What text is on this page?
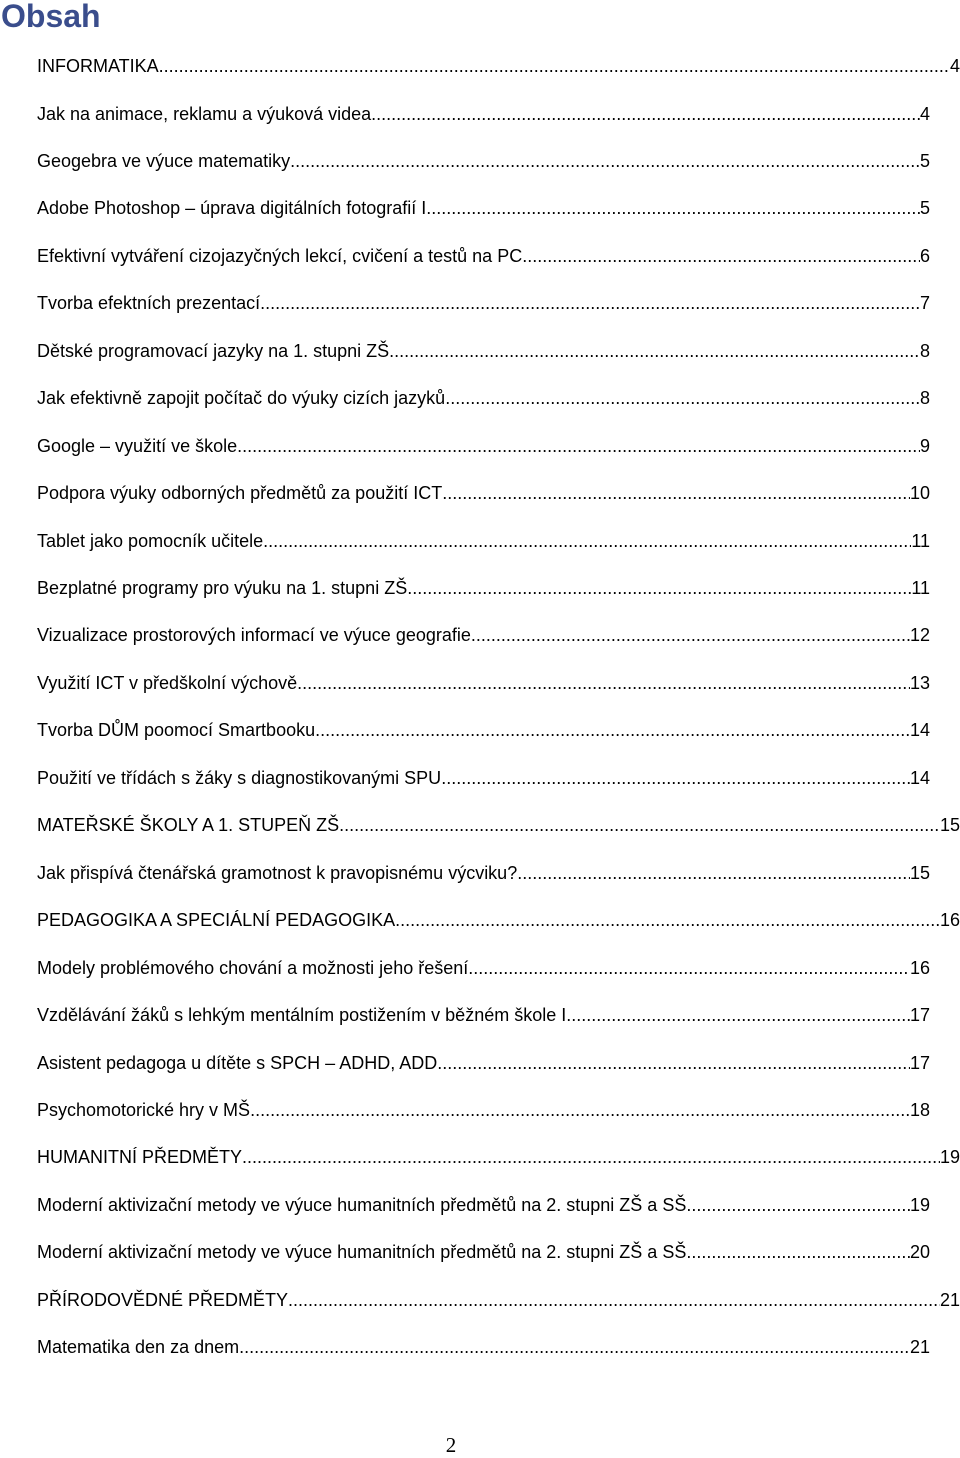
Obsah
INFORMATIKA .....	4
Jak na animace, reklamu a výuková videa .....	4
Geogebra ve výuce matematiky .....	5
Adobe Photoshop – úprava digitálních fotografií I. .....	5
Efektivní vytváření cizojazyčných lekcí, cvičení a testů na PC .....	6
Tvorba efektních prezentací .....	7
Dětské programovací jazyky na 1. stupni ZŠ .....	8
Jak efektivně zapojit počítač do výuky cizích jazyků .....	8
Google – využití ve škole .....	9
Podpora výuky odborných předmětů za použití ICT .....	10
Tablet jako pomocník učitele .....	11
Bezplatné programy pro výuku na 1. stupni ZŠ .....	11
Vizualizace prostorových informací ve výuce geografie .....	12
Využití ICT v předškolní výchově .....	13
Tvorba DŮM poomocí Smartbooku .....	14
Použití ve třídách s žáky s diagnostikovanými SPU .....	14
MATEŘSKÉ ŠKOLY A 1. STUPEŇ ZŠ .....	15
Jak přispívá čtenářská gramotnost k pravopisnému výcviku? .....	15
PEDAGOGIKA A SPECIÁLNÍ PEDAGOGIKA .....	16
Modely problémového chování a možnosti jeho řešení .....	16
Vzdělávání žáků s lehkým mentálním postižením v běžném škole I. .....	17
Asistent pedagoga u dítěte s SPCH – ADHD, ADD .....	17
Psychomotorické hry v MŠ .....	18
HUMANITNÍ PŘEDMĚTY .....	19
Moderní aktivizační metody ve výuce humanitních předmětů na 2. stupni ZŠ a SŠ .....	19
Moderní aktivizační metody ve výuce humanitních předmětů na 2. stupni ZŠ a SŠ .....	20
PŘÍRODOVĚDNÉ PŘEDMĚTY .....	21
Matematika den za dnem .....	21
2
